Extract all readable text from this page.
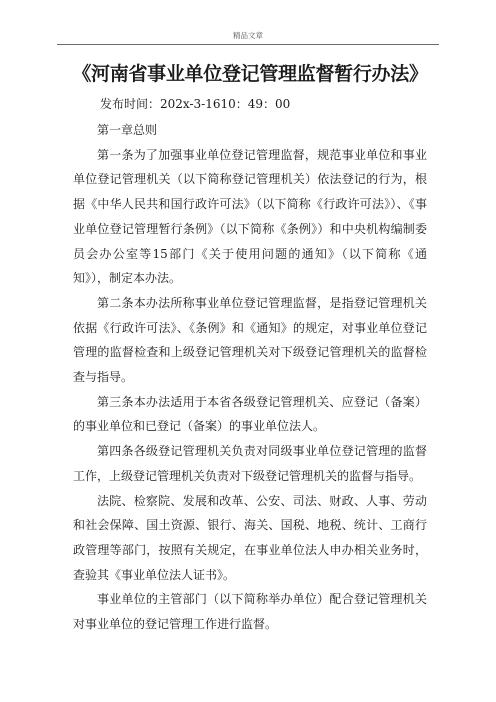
精品文章
《河南省事业单位登记管理监督暂行办法》

发布时间：202x-3-1610：49：00

第一章总则

第一条为了加强事业单位登记管理监督，规范事业单位和事业单位登记管理机关（以下简称登记管理机关）依法登记的行为，根据《中华人民共和国行政许可法》（以下简称《行政许可法》）、《事业单位登记管理暂行条例》（以下简称《条例》）和中央机构编制委员会办公室等15部门《关于使用问题的通知》（以下简称《通知》），制定本办法。

第二条本办法所称事业单位登记管理监督，是指登记管理机关依据《行政许可法》、《条例》和《通知》的规定，对事业单位登记管理的监督检查和上级登记管理机关对下级登记管理机关的监督检查与指导。

第三条本办法适用于本省各级登记管理机关、应登记（备案）的事业单位和已登记（备案）的事业单位法人。

第四条各级登记管理机关负责对同级事业单位登记管理的监督工作，上级登记管理机关负责对下级登记管理机关的监督与指导。

法院、检察院、发展和改革、公安、司法、财政、人事、劳动和社会保障、国土资源、银行、海关、国税、地税、统计、工商行政管理等部门，按照有关规定，在事业单位法人申办相关业务时，查验其《事业单位法人证书》。

事业单位的主管部门（以下简称举办单位）配合登记管理机关对事业单位的登记管理工作进行监督。
